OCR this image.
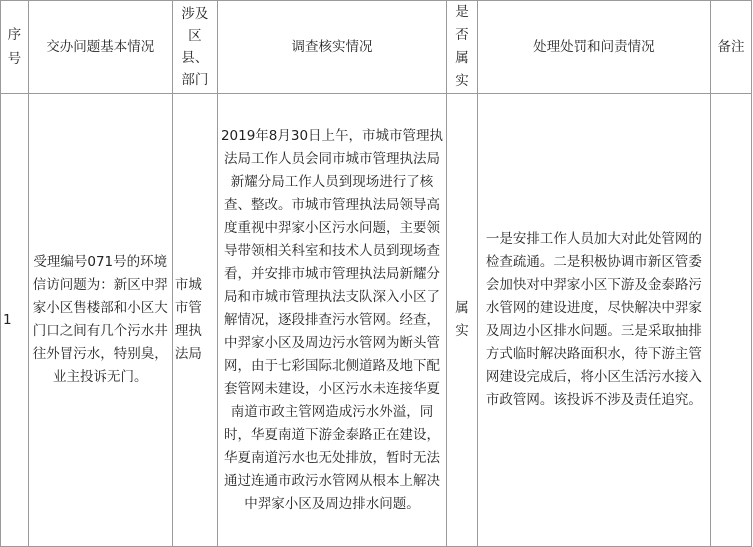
序号	交办问题基本情况	涉及区县、部门	调查核实情况	是否属实	处理处罚和问责情况	备注
1	受理编号071号的环境信访问题为：新区中羿家小区售楼部和小区大门口之间有几个污水井往外冒污水，特别臭，业主投诉无门。	市城市管理执法局	2019年8月30日上午，市城市管理执法局工作人员会同市城市管理执法局新耀分局工作人员到现场进行了核查、整改。市城市管理执法局领导高度重视中羿家小区污水问题，主要领导带领相关科室和技术人员到现场查看，并安排市城市管理执法局新耀分局和市城市管理执法支队深入小区了解情况，逐段排查污水管网。经查，中羿家小区及周边污水管网为断头管网，由于七彩国际北侧道路及地下配套管网未建设，小区污水未连接华夏南道市政主管网造成污水外溢，同时，华夏南道下游金泰路正在建设，华夏南道污水也无处排放，暂时无法通过连通市政污水管网从根本上解决中羿家小区及周边排水问题。	属实	一是安排工作人员加大对此处管网的检查疏通。二是积极协调市新区管委会加快对中羿家小区下游及金泰路污水管网的建设进度，尽快解决中羿家及周边小区排水问题。三是采取抽排方式临时解决路面积水，待下游主管网建设完成后，将小区生活污水接入市政管网。该投诉不涉及责任追究。	
